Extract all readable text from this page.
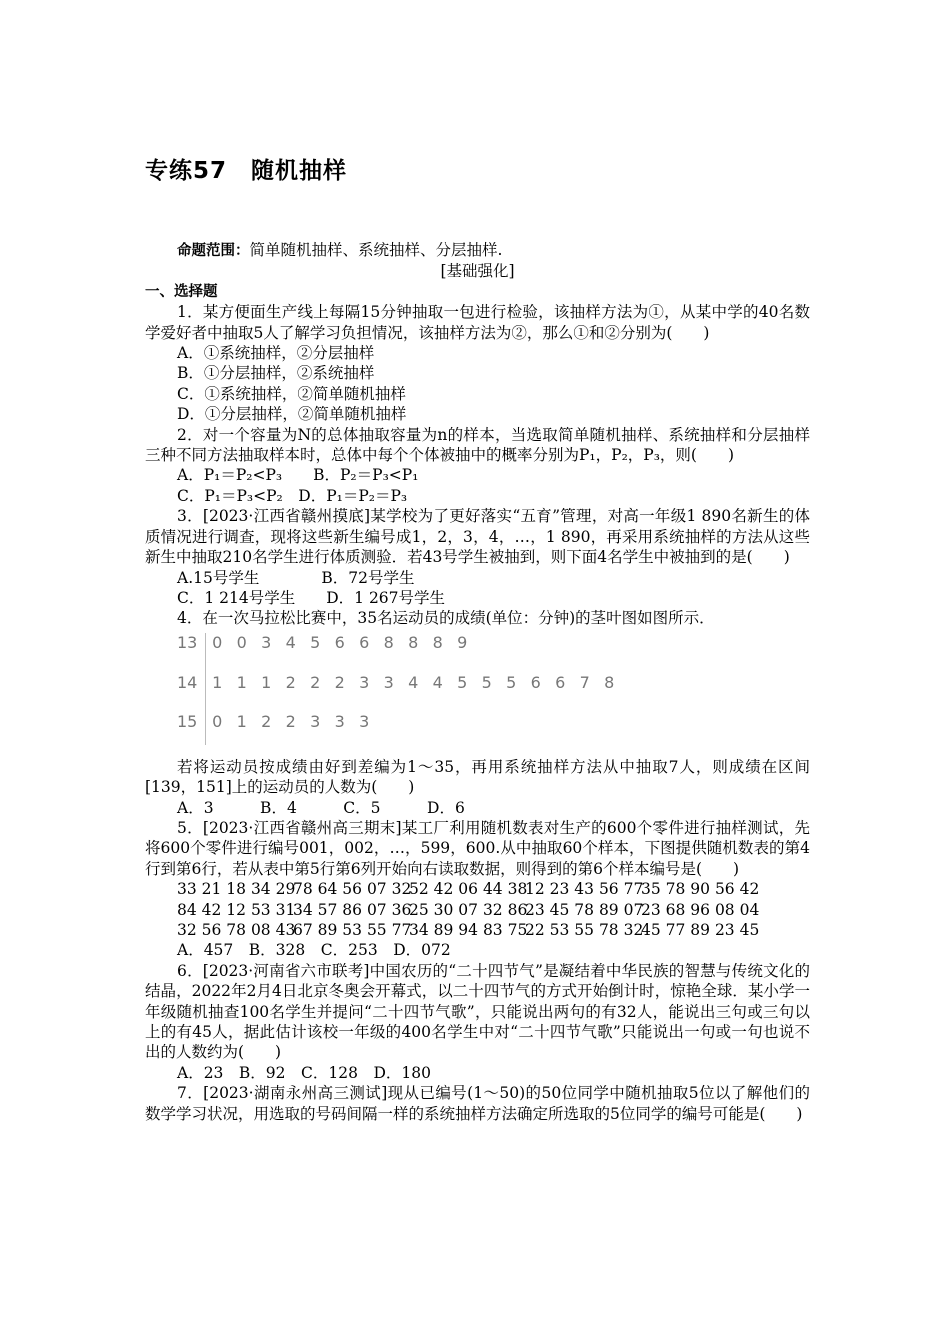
专练57　随机抽样
命题范围：简单随机抽样、系统抽样、分层抽样.
[基础强化]
一、选择题
1．某方便面生产线上每隔15分钟抽取一包进行检验，该抽样方法为①，从某中学的40名数学爱好者中抽取5人了解学习负担情况，该抽样方法为②，那么①和②分别为(　　)
A．①系统抽样，②分层抽样
B．①分层抽样，②系统抽样
C．①系统抽样，②简单随机抽样
D．①分层抽样，②简单随机抽样
2．对一个容量为N的总体抽取容量为n的样本，当选取简单随机抽样、系统抽样和分层抽样三种不同方法抽取样本时，总体中每个个体被抽中的概率分别为P₁，P₂，P₃，则(　　)
A．P₁＝P₂<P₃　　B．P₂＝P₃<P₁
C．P₁＝P₃<P₂　D．P₁＝P₂＝P₃
3．[2023·江西省赣州摸底]某学校为了更好落实“五育”管理，对高一年级1 890名新生的体质情况进行调查，现将这些新生编号成1，2，3，4，…，1 890，再采用系统抽样的方法从这些新生中抽取210名学生进行体质测验．若43号学生被抽到，则下面4名学生中被抽到的是(　　)
A.15号学生　　　　B．72号学生
C．1 214号学生　　D．1 267号学生
4．在一次马拉松比赛中，35名运动员的成绩(单位：分钟)的茎叶图如图所示．
13 0 0 3 4 5 6 6 8 8 8 9
14 1 1 1 2 2 2 3 3 4 4 5 5 5 6 6 7 8
15 0 1 2 2 3 3 3
若将运动员按成绩由好到差编为1～35，再用系统抽样方法从中抽取7人，则成绩在区间[139，151]上的运动员的人数为(　　)
A．3　　　B．4　　　C．5　　　D．6
5．[2023·江西省赣州高三期末]某工厂利用随机数表对生产的600个零件进行抽样测试，先将600个零件进行编号001，002，…，599，600.从中抽取60个样本，下图提供随机数表的第4行到第6行，若从表中第5行第6列开始向右读取数据，则得到的第6个样本编号是(　　)
33 21 18 34 2978 64 56 07 3252 42 06 44 3812 23 43 56 7735 78 90 56 42
84 42 12 53 3134 57 86 07 3625 30 07 32 8623 45 78 89 0723 68 96 08 04
32 56 78 08 4367 89 53 55 7734 89 94 83 7522 53 55 78 3245 77 89 23 45
A．457　B．328　C．253　D．072
6．[2023·河南省六市联考]中国农历的“二十四节气”是凝结着中华民族的智慧与传统文化的结晶，2022年2月4日北京冬奥会开幕式，以二十四节气的方式开始倒计时，惊艳全球．某小学一年级随机抽查100名学生并提问“二十四节气歌”，只能说出两句的有32人，能说出三句或三句以上的有45人，据此估计该校一年级的400名学生中对“二十四节气歌”只能说出一句或一句也说不出的人数约为(　　)
A．23　B．92　C．128　D．180
7．[2023·湖南永州高三测试]现从已编号(1～50)的50位同学中随机抽取5位以了解他们的数学学习状况，用选取的号码间隔一样的系统抽样方法确定所选取的5位同学的编号可能是(　　)
